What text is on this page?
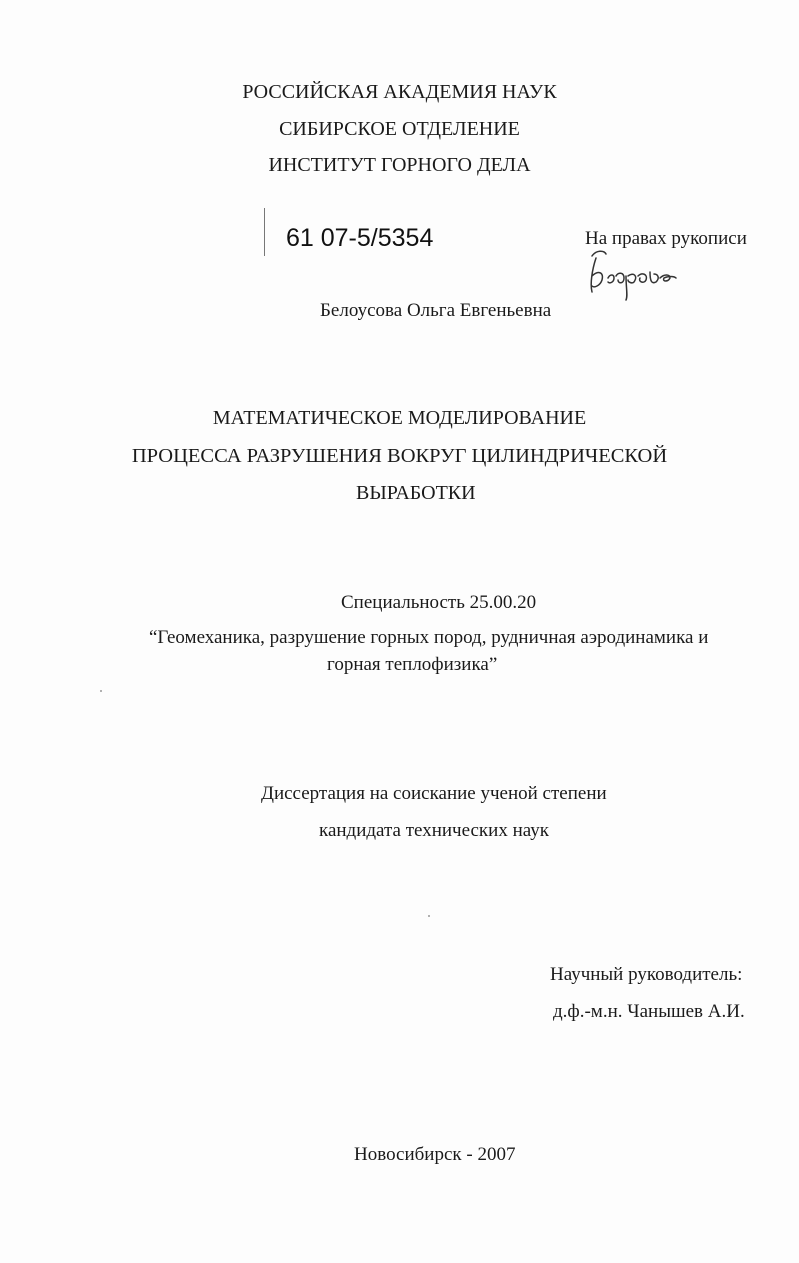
РОССИЙСКАЯ АКАДЕМИЯ НАУК
СИБИРСКОЕ ОТДЕЛЕНИЕ
ИНСТИТУТ ГОРНОГО ДЕЛА
61 07-5/5354	На правах рукописи
Белоусова Ольга Евгеньевна
МАТЕМАТИЧЕСКОЕ МОДЕЛИРОВАНИЕ
ПРОЦЕССА РАЗРУШЕНИЯ ВОКРУГ ЦИЛИНДРИЧЕСКОЙ
ВЫРАБОТКИ
Специальность 25.00.20
“Геомеханика, разрушение горных пород, рудничная аэродинамика и
горная теплофизика”
Диссертация на соискание ученой степени
кандидата технических наук
Научный руководитель:
д.ф.-м.н. Чанышев А.И.
Новосибирск - 2007
